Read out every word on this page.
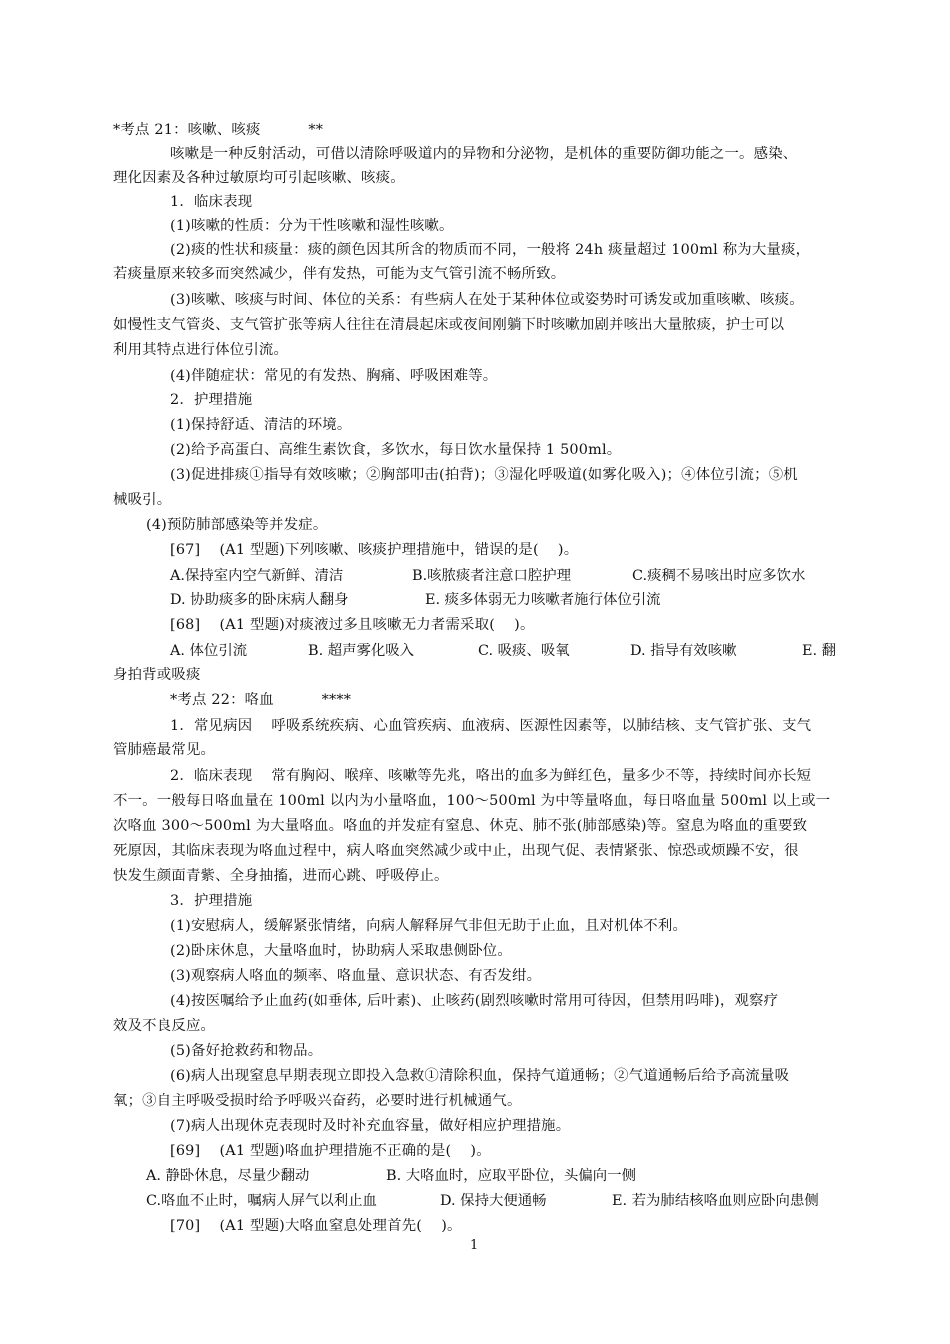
*考点 21：咳嗽、咳痰          **
咳嗽是一种反射活动，可借以清除呼吸道内的异物和分泌物，是机体的重要防御功能之一。感染、
理化因素及各种过敏原均可引起咳嗽、咳痰。
1．临床表现
(1)咳嗽的性质：分为干性咳嗽和湿性咳嗽。
(2)痰的性状和痰量：痰的颜色因其所含的物质而不同，一般将 24h 痰量超过 100ml 称为大量痰，
若痰量原来较多而突然减少，伴有发热，可能为支气管引流不畅所致。
(3)咳嗽、咳痰与时间、体位的关系：有些病人在处于某种体位或姿势时可诱发或加重咳嗽、咳痰。
如慢性支气管炎、支气管扩张等病人往往在清晨起床或夜间刚躺下时咳嗽加剧并咳出大量脓痰，护士可以
利用其特点进行体位引流。
(4)伴随症状：常见的有发热、胸痛、呼吸困难等。
2．护理措施
(1)保持舒适、清洁的环境。
(2)给予高蛋白、高维生素饮食，多饮水，每日饮水量保持 1 500ml。
(3)促进排痰①指导有效咳嗽；②胸部叩击(拍背)；③湿化呼吸道(如雾化吸入)；④体位引流；⑤机
械吸引。
(4)预防肺部感染等并发症。
[67]    (A1 型题)下列咳嗽、咳痰护理措施中，错误的是(    )。

A.保持室内空气新鲜、清洁

	B.咳脓痰者注意口腔护理

	C.痰稠不易咳出时应多饮水

D. 协助痰多的卧床病人翻身

	E. 痰多体弱无力咳嗽者施行体位引流

[68]    (A1 型题)对痰液过多且咳嗽无力者需采取(    )。

A. 体位引流

	B. 超声雾化吸入

	C. 吸痰、吸氧

	D. 指导有效咳嗽

	E. 翻

身拍背或吸痰
*考点 22：咯血          ****
1．常见病因    呼吸系统疾病、心血管疾病、血液病、医源性因素等，以肺结核、支气管扩张、支气
管肺癌最常见。
2．临床表现    常有胸闷、喉痒、咳嗽等先兆，咯出的血多为鲜红色，量多少不等，持续时间亦长短
不一。一般每日咯血量在 100ml 以内为小量咯血，100～500ml 为中等量咯血，每日咯血量 500ml 以上或一
次咯血 300～500ml 为大量咯血。咯血的并发症有窒息、休克、肺不张(肺部感染)等。窒息为咯血的重要致
死原因，其临床表现为咯血过程中，病人咯血突然减少或中止，出现气促、表情紧张、惊恐或烦躁不安，很
快发生颜面青紫、全身抽搐，进而心跳、呼吸停止。
3．护理措施
(1)安慰病人，缓解紧张情绪，向病人解释屏气非但无助于止血，且对机体不利。
(2)卧床休息，大量咯血时，协助病人采取患侧卧位。
(3)观察病人咯血的频率、咯血量、意识状态、有否发绀。
(4)按医嘱给予止血药(如垂体, 后叶素)、止咳药(剧烈咳嗽时常用可待因，但禁用吗啡)，观察疗
效及不良反应。
(5)备好抢救药和物品。
(6)病人出现窒息早期表现立即投入急救①清除积血，保持气道通畅；②气道通畅后给予高流量吸
氧；③自主呼吸受损时给予呼吸兴奋药，必要时进行机械通气。
(7)病人出现休克表现时及时补充血容量，做好相应护理措施。
[69]    (A1 型题)咯血护理措施不正确的是(    )。

A. 静卧休息，尽量少翻动

	B. 大咯血时，应取平卧位，头偏向一侧

C.咯血不止时，嘱病人屏气以利止血

	D. 保持大便通畅

	E. 若为肺结核咯血则应卧向患侧

[70]    (A1 型题)大咯血窒息处理首先(    )。
1
